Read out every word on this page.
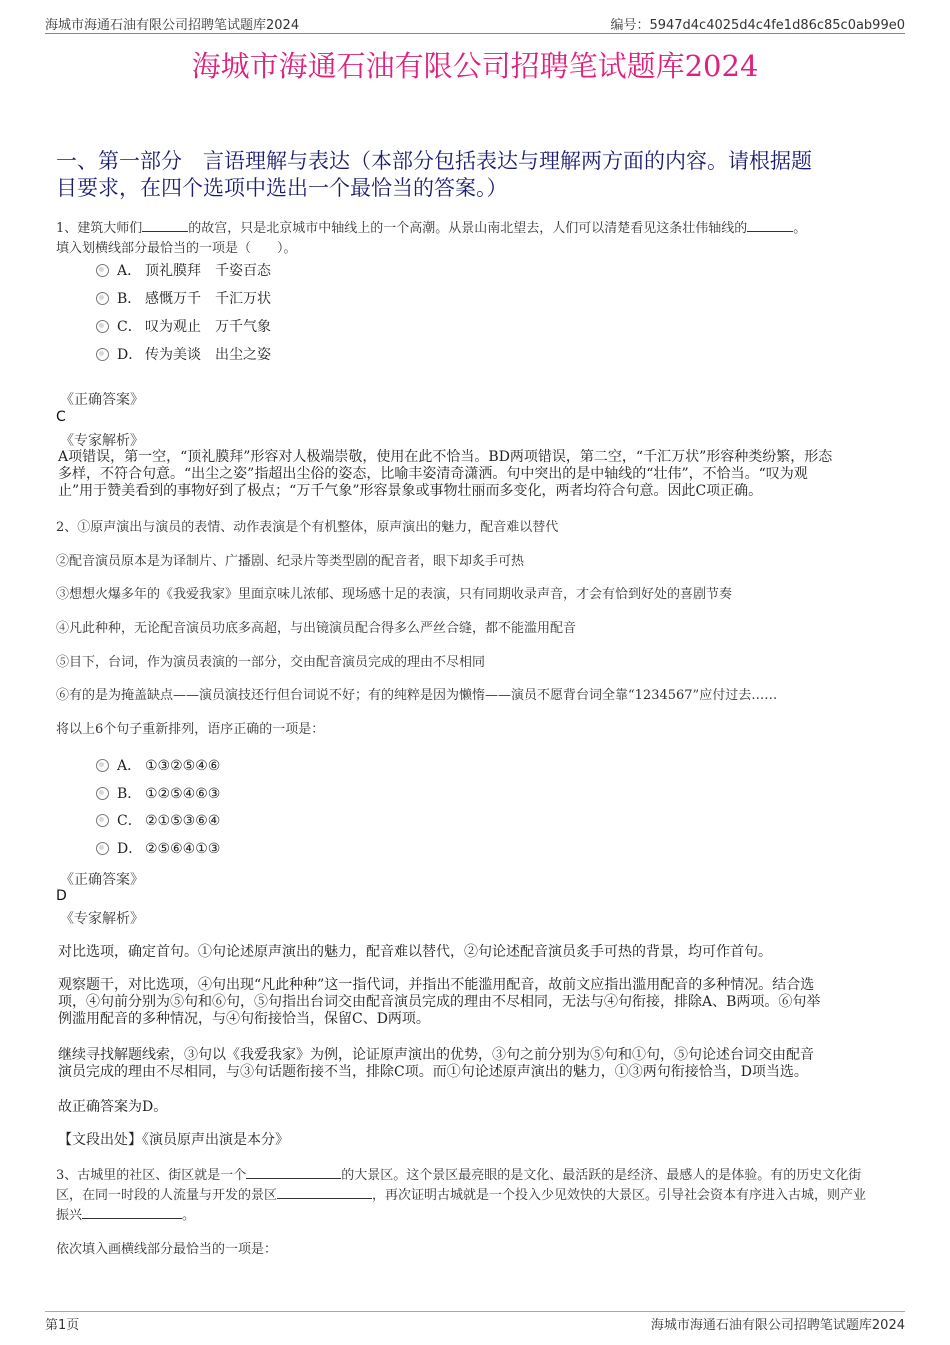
海城市海通石油有限公司招聘笔试题库2024	编号：5947d4c4025d4c4fe1d86c85c0ab99e0
海城市海通石油有限公司招聘笔试题库2024
一、第一部分　言语理解与表达（本部分包括表达与理解两方面的内容。请根据题
目要求，在四个选项中选出一个最恰当的答案。）
1、建筑大师们	的故宫，只是北京城市中轴线上的一个高潮。从景山南北望去，人们可以清楚看见这条壮伟轴线的	。
填入划横线部分最恰当的一项是（　　）。
A． 顶礼膜拜　千姿百态
B． 感慨万千　千汇万状
C． 叹为观止　万千气象
D． 传为美谈　出尘之姿
《正确答案》
C
《专家解析》
A项错误，第一空，“顶礼膜拜”形容对人极端崇敬，使用在此不恰当。BD两项错误，第二空，“千汇万状”形容种类纷繁，形态
多样，不符合句意。“出尘之姿”指超出尘俗的姿态，比喻丰姿清奇潇洒。句中突出的是中轴线的“壮伟”，不恰当。“叹为观
止”用于赞美看到的事物好到了极点；“万千气象”形容景象或事物壮丽而多变化，两者均符合句意。因此C项正确。
2、①原声演出与演员的表情、动作表演是个有机整体，原声演出的魅力，配音难以替代
②配音演员原本是为译制片、广播剧、纪录片等类型剧的配音者，眼下却炙手可热
③想想火爆多年的《我爱我家》里面京味儿浓郁、现场感十足的表演，只有同期收录声音，才会有恰到好处的喜剧节奏
④凡此种种，无论配音演员功底多高超，与出镜演员配合得多么严丝合缝，都不能滥用配音
⑤目下，台词，作为演员表演的一部分，交由配音演员完成的理由不尽相同
⑥有的是为掩盖缺点——演员演技还行但台词说不好；有的纯粹是因为懒惰——演员不愿背台词全靠“1234567”应付过去……
将以上6个句子重新排列，语序正确的一项是：
A． ①③②⑤④⑥
B． ①②⑤④⑥③
C． ②①⑤③⑥④
D． ②⑤⑥④①③
《正确答案》
D
《专家解析》
对比选项，确定首句。①句论述原声演出的魅力，配音难以替代，②句论述配音演员炙手可热的背景，均可作首句。
观察题干，对比选项，④句出现“凡此种种”这一指代词，并指出不能滥用配音，故前文应指出滥用配音的多种情况。结合选
项，④句前分别为⑤句和⑥句，⑤句指出台词交由配音演员完成的理由不尽相同，无法与④句衔接，排除A、B两项。⑥句举
例滥用配音的多种情况，与④句衔接恰当，保留C、D两项。
继续寻找解题线索，③句以《我爱我家》为例，论证原声演出的优势，③句之前分别为⑤句和①句，⑤句论述台词交由配音
演员完成的理由不尽相同，与③句话题衔接不当，排除C项。而①句论述原声演出的魅力，①③两句衔接恰当，D项当选。
故正确答案为D。
【文段出处】《演员原声出演是本分》
3、古城里的社区、街区就是一个	的大景区。这个景区最亮眼的是文化、最活跃的是经济、最感人的是体验。有的历史文化街
区，在同一时段的人流量与开发的景区	，再次证明古城就是一个投入少见效快的大景区。引导社会资本有序进入古城，则产业
振兴	。
依次填入画横线部分最恰当的一项是：
第1页	海城市海通石油有限公司招聘笔试题库2024
